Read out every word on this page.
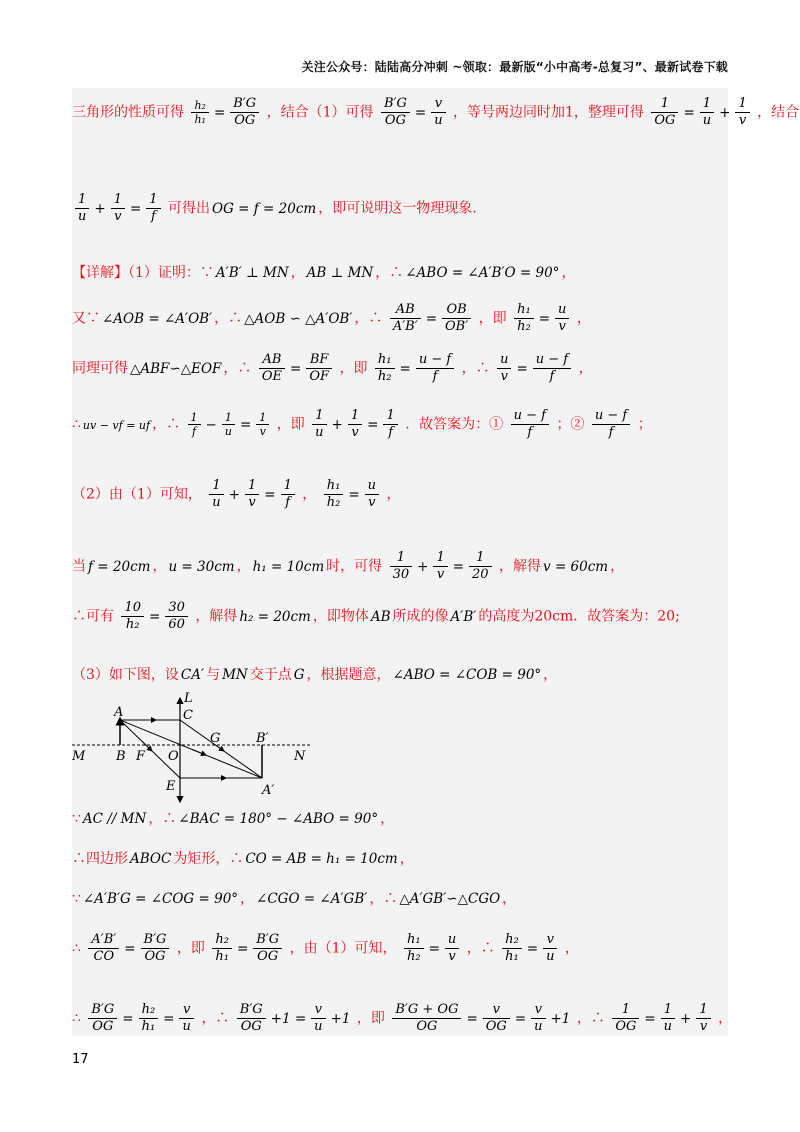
关注公众号：陆陆高分冲刺 ~领取：最新版“小中高考-总复习”、最新试卷下载
三角形的性质可得 $\frac{\text{h₂}}{\text{h₁}} = \frac{B'G}{OG}$ ，结合（1）可得 $\frac{B'G}{OG} = \frac{v}{u}$ ，等号两边同时加1，整理可得 $\frac{1}{OG} = \frac{1}{u} + \frac{1}{v}$ ，结合
$\frac{1}{u} + \frac{1}{v} = \frac{1}{f}$ 可得出 OG = f = 20cm ，即可说明这一物理现象.
【详解】（1）证明：∵ A′B′ ⊥ MN ， AB ⊥ MN ，∴ ∠ABO = ∠A′B′O = 90° ，
又∵ ∠AOB = ∠A′OB′ ，∴ △AOB ∽ △A′OB′ ，∴ $\frac{AB}{A'B'} = \frac{OB}{OB'}$ ，即 $\frac{\text{h₁}}{\text{h₂}} = \frac{u}{v}$ ，
同理可得 △ABF∽△EOF ，∴ $\frac{AB}{OE} = \frac{BF}{OF}$ ，即 $\frac{\text{h₁}}{\text{h₂}} = \frac{u - f}{f}$ ，∴ $\frac{u}{v} = \frac{u - f}{f}$ ，
∴ uv − vf = uf ，∴ $\frac{1}{f} - \frac{1}{u} = \frac{1}{v}$ ，即 $\frac{1}{u} + \frac{1}{v} = \frac{1}{f}$ ．故答案为：① $\frac{u - f}{f}$ ；② $\frac{u - f}{f}$ ；
（2）由（1）可知， $\frac{1}{u} + \frac{1}{v} = \frac{1}{f}$ ， $\frac{\text{h₁}}{\text{h₂}} = \frac{u}{v}$ ，
当 f = 20cm ， u = 30cm ， h₁ = 10cm 时，可得 $\frac{1}{30} + \frac{1}{v} = \frac{1}{20}$ ，解得 v = 60cm ，
∴可有 $\frac{10}{\text{h₂}} = \frac{30}{60}$ ，解得 h₂ = 20cm ，即物体 AB 所成的像 A′B′ 的高度为20cm．故答案为：20;
（3）如下图，设 CA′ 与 MN 交于点 G ，根据题意， ∠ABO = ∠COB = 90° ，
A
L
C
G	B′
M B F O	N
E	A′
∵ AC // MN ，∴ ∠BAC = 180° − ∠ABO = 90° ，
∴四边形 ABOC 为矩形，∴ CO = AB = h₁ = 10cm ，
∵ ∠A′B′G = ∠COG = 90° ， ∠CGO = ∠A′GB′ ，∴ △A′GB′∽△CGO ，
∴ $\frac{A'B'}{CO} = \frac{B'G}{OG}$ ，即 $\frac{\text{h₂}}{\text{h₁}} = \frac{B'G}{OG}$ ，由（1）可知， $\frac{\text{h₁}}{\text{h₂}} = \frac{u}{v}$ ，∴ $\frac{\text{h₂}}{\text{h₁}} = \frac{v}{u}$ ，
∴ $\frac{B'G}{OG} = \frac{\text{h₂}}{\text{h₁}} = \frac{v}{u}$ ，∴ $\frac{B'G}{OG} +1 = \frac{v}{u} +1$ ，即 $\frac{B'G + OG}{OG} = \frac{v}{OG} = \frac{v}{u} +1$ ，∴ $\frac{1}{OG} = \frac{1}{u} + \frac{1}{v}$ ，
17
